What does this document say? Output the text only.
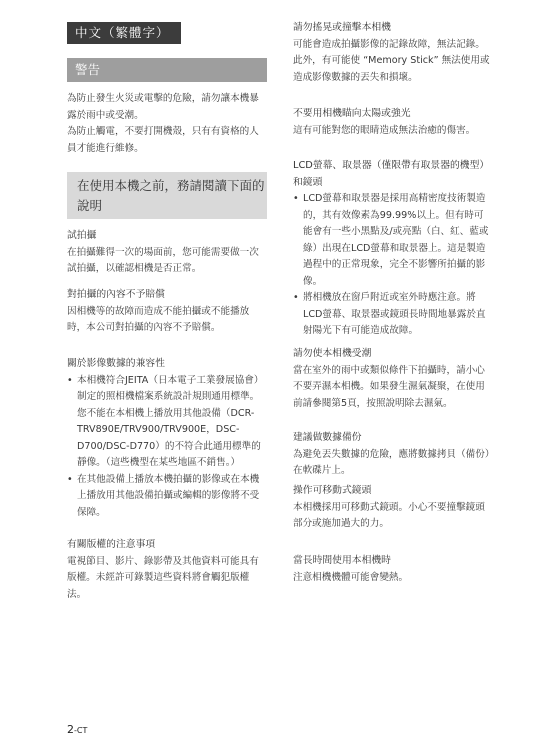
中文（繁體字）
警告

為防止發生火災或電擊的危險，請勿讓本機暴露於雨中或受潮。

為防止觸電，不要打開機殼，只有有資格的人員才能進行維修。

試拍攝

在拍攝難得一次的場面前，您可能需要做一次試拍攝，以確認相機是否正常。

對拍攝的內容不予賠償

因相機等的故障而造成不能拍攝或不能播放時，本公司對拍攝的內容不予賠償。

關於影像數據的兼容性

• 本相機符合JEITA（日本電子工業發展協會）制定的照相機檔案系統設計規則通用標準。您不能在本相機上播放用其他設備（DCR-TRV890E/TRV900/TRV900E，DSC-D700/DSC-D770）的不符合此通用標準的靜像。（這些機型在某些地區不銷售。）
• 在其他設備上播放本機拍攝的影像或在本機上播放用其他設備拍攝或編輯的影像將不受保障。

有關版權的注意事項

電視節目、影片、錄影帶及其他資料可能具有版權。未經許可錄製這些資料將會觸犯版權法。

在使用本機之前，務請閱讀下面的說明

請勿搖晃或撞擊本相機

可能會造成拍攝影像的記錄故障，無法記錄。此外，有可能使 “Memory Stick” 無法使用或造成影像數據的丟失和損壞。

不要用相機瞄向太陽或強光

這有可能對您的眼睛造成無法治癒的傷害。

LCD螢幕、取景器（僅限帶有取景器的機型）和鏡頭

• LCD螢幕和取景器是採用高精密度技術製造的，其有效像素為99.99%以上。但有時可能會有一些小黑點及/或亮點（白、紅、藍或綠）出現在LCD螢幕和取景器上。這是製造過程中的正常現象，完全不影響所拍攝的影像。
• 將相機放在窗戶附近或室外時應注意。將LCD螢幕、取景器或鏡頭長時間地暴露於直射陽光下有可能造成故障。

請勿使本相機受潮

當在室外的雨中或類似條件下拍攝時，請小心不要弄濕本相機。如果發生濕氣凝聚，在使用前請參閱第5頁，按照說明除去濕氣。

建議做數據備份

為避免丟失數據的危險，應將數據拷貝（備份）在軟碟片上。

操作可移動式鏡頭

本相機採用可移動式鏡頭。小心不要撞擊鏡頭部分或施加過大的力。

當長時間使用本相機時

注意相機機體可能會變熱。

2-CT
